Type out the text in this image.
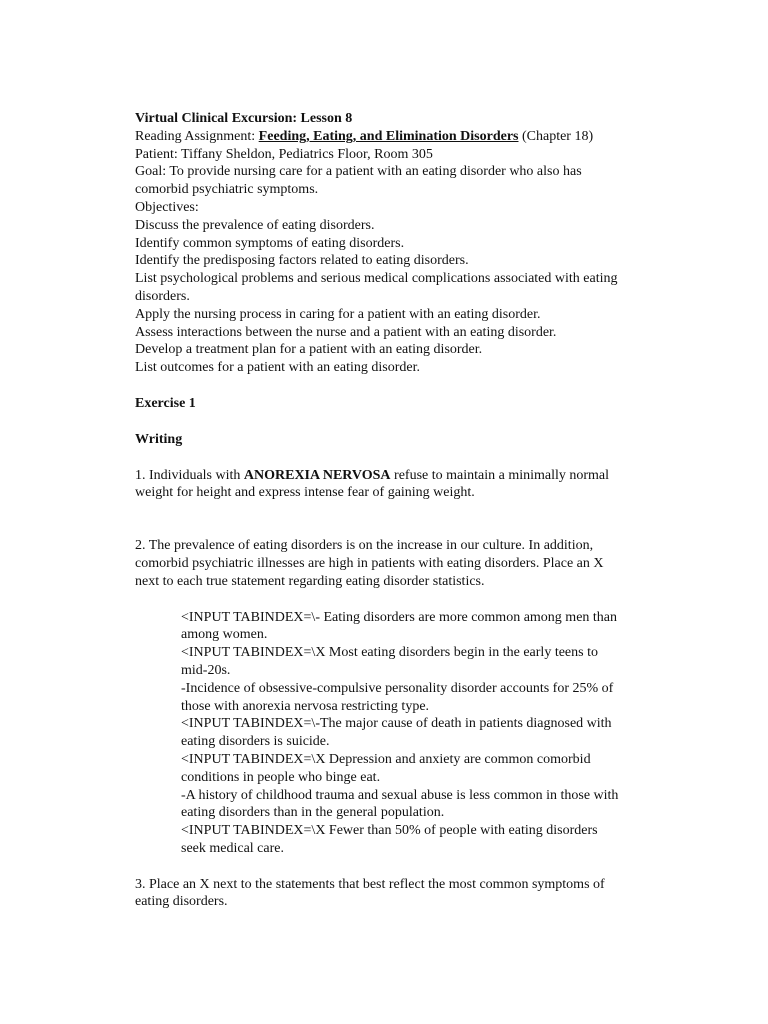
Virtual Clinical Excursion: Lesson 8
Reading Assignment: Feeding, Eating, and Elimination Disorders (Chapter 18)
Patient: Tiffany Sheldon, Pediatrics Floor, Room 305
Goal: To provide nursing care for a patient with an eating disorder who also has
comorbid psychiatric symptoms.
Objectives:
Discuss the prevalence of eating disorders.
Identify common symptoms of eating disorders.
Identify the predisposing factors related to eating disorders.
List psychological problems and serious medical complications associated with eating
disorders.
Apply the nursing process in caring for a patient with an eating disorder.
Assess interactions between the nurse and a patient with an eating disorder.
Develop a treatment plan for a patient with an eating disorder.
List outcomes for a patient with an eating disorder.
Exercise 1
Writing
1. Individuals with ANOREXIA NERVOSA refuse to maintain a minimally normal
weight for height and express intense fear of gaining weight.
2. The prevalence of eating disorders is on the increase in our culture. In addition,
comorbid psychiatric illnesses are high in patients with eating disorders. Place an X
next to each true statement regarding eating disorder statistics.
<INPUT TABINDEX=\- Eating disorders are more common among men than
among women.
<INPUT TABINDEX=\X Most eating disorders begin in the early teens to
mid-20s.
-Incidence of obsessive-compulsive personality disorder accounts for 25% of
those with anorexia nervosa restricting type.
<INPUT TABINDEX=\-The major cause of death in patients diagnosed with
eating disorders is suicide.
<INPUT TABINDEX=\X Depression and anxiety are common comorbid
conditions in people who binge eat.
-A history of childhood trauma and sexual abuse is less common in those with
eating disorders than in the general population.
<INPUT TABINDEX=\X Fewer than 50% of people with eating disorders
seek medical care.
3. Place an X next to the statements that best reflect the most common symptoms of
eating disorders.
